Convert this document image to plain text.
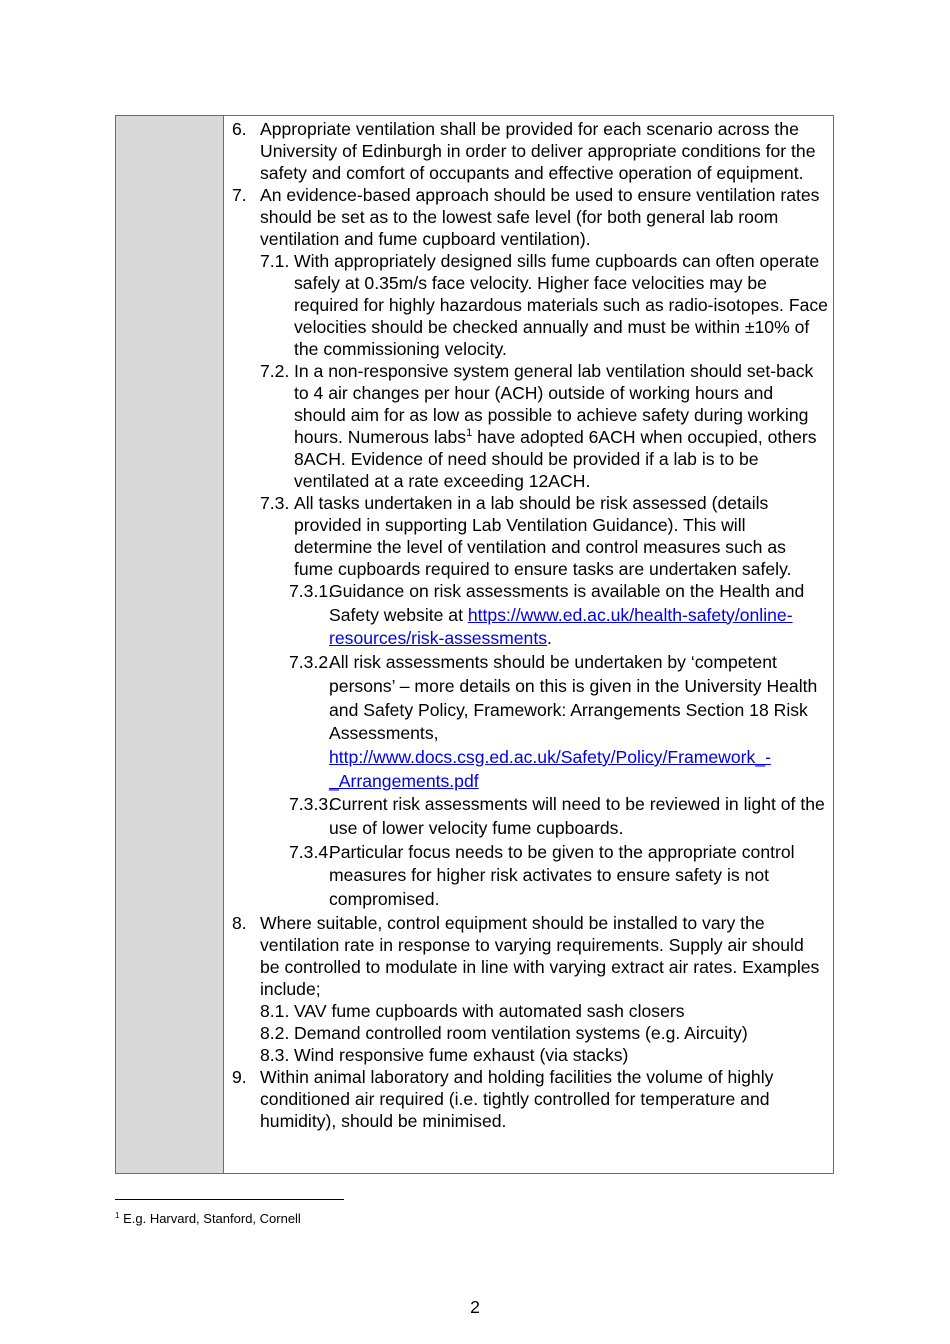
6. Appropriate ventilation shall be provided for each scenario across the University of Edinburgh in order to deliver appropriate conditions for the safety and comfort of occupants and effective operation of equipment.
7. An evidence-based approach should be used to ensure ventilation rates should be set as to the lowest safe level (for both general lab room ventilation and fume cupboard ventilation).
7.1. With appropriately designed sills fume cupboards can often operate safely at 0.35m/s face velocity. Higher face velocities may be required for highly hazardous materials such as radio-isotopes. Face velocities should be checked annually and must be within ±10% of the commissioning velocity.
7.2. In a non-responsive system general lab ventilation should set-back to 4 air changes per hour (ACH) outside of working hours and should aim for as low as possible to achieve safety during working hours. Numerous labs$^1$ have adopted 6ACH when occupied, others 8ACH. Evidence of need should be provided if a lab is to be ventilated at a rate exceeding 12ACH.
7.3. All tasks undertaken in a lab should be risk assessed (details provided in supporting Lab Ventilation Guidance). This will determine the level of ventilation and control measures such as fume cupboards required to ensure tasks are undertaken safely.
7.3.1.
Guidance on risk assessments is available on the Health and Safety website at https://www.ed.ac.uk/health-safety/online-resources/risk-assessments.
7.3.2.
All risk assessments should be undertaken by ‘competent persons’ – more details on this is given in the University Health and Safety Policy, Framework: Arrangements Section 18 Risk Assessments, http://www.docs.csg.ed.ac.uk/Safety/Policy/Framework_-_Arrangements.pdf
7.3.3.
Current risk assessments will need to be reviewed in light of the use of lower velocity fume cupboards.
7.3.4.
Particular focus needs to be given to the appropriate control measures for higher risk activates to ensure safety is not compromised.
8. Where suitable, control equipment should be installed to vary the ventilation rate in response to varying requirements. Supply air should be controlled to modulate in line with varying extract air rates. Examples include;
8.1. VAV fume cupboards with automated sash closers
8.2. Demand controlled room ventilation systems (e.g. Aircuity)
8.3. Wind responsive fume exhaust (via stacks)
9. Within animal laboratory and holding facilities the volume of highly conditioned air required (i.e. tightly controlled for temperature and humidity), should be minimised.
$^1$ E.g. Harvard, Stanford, Cornell
2
